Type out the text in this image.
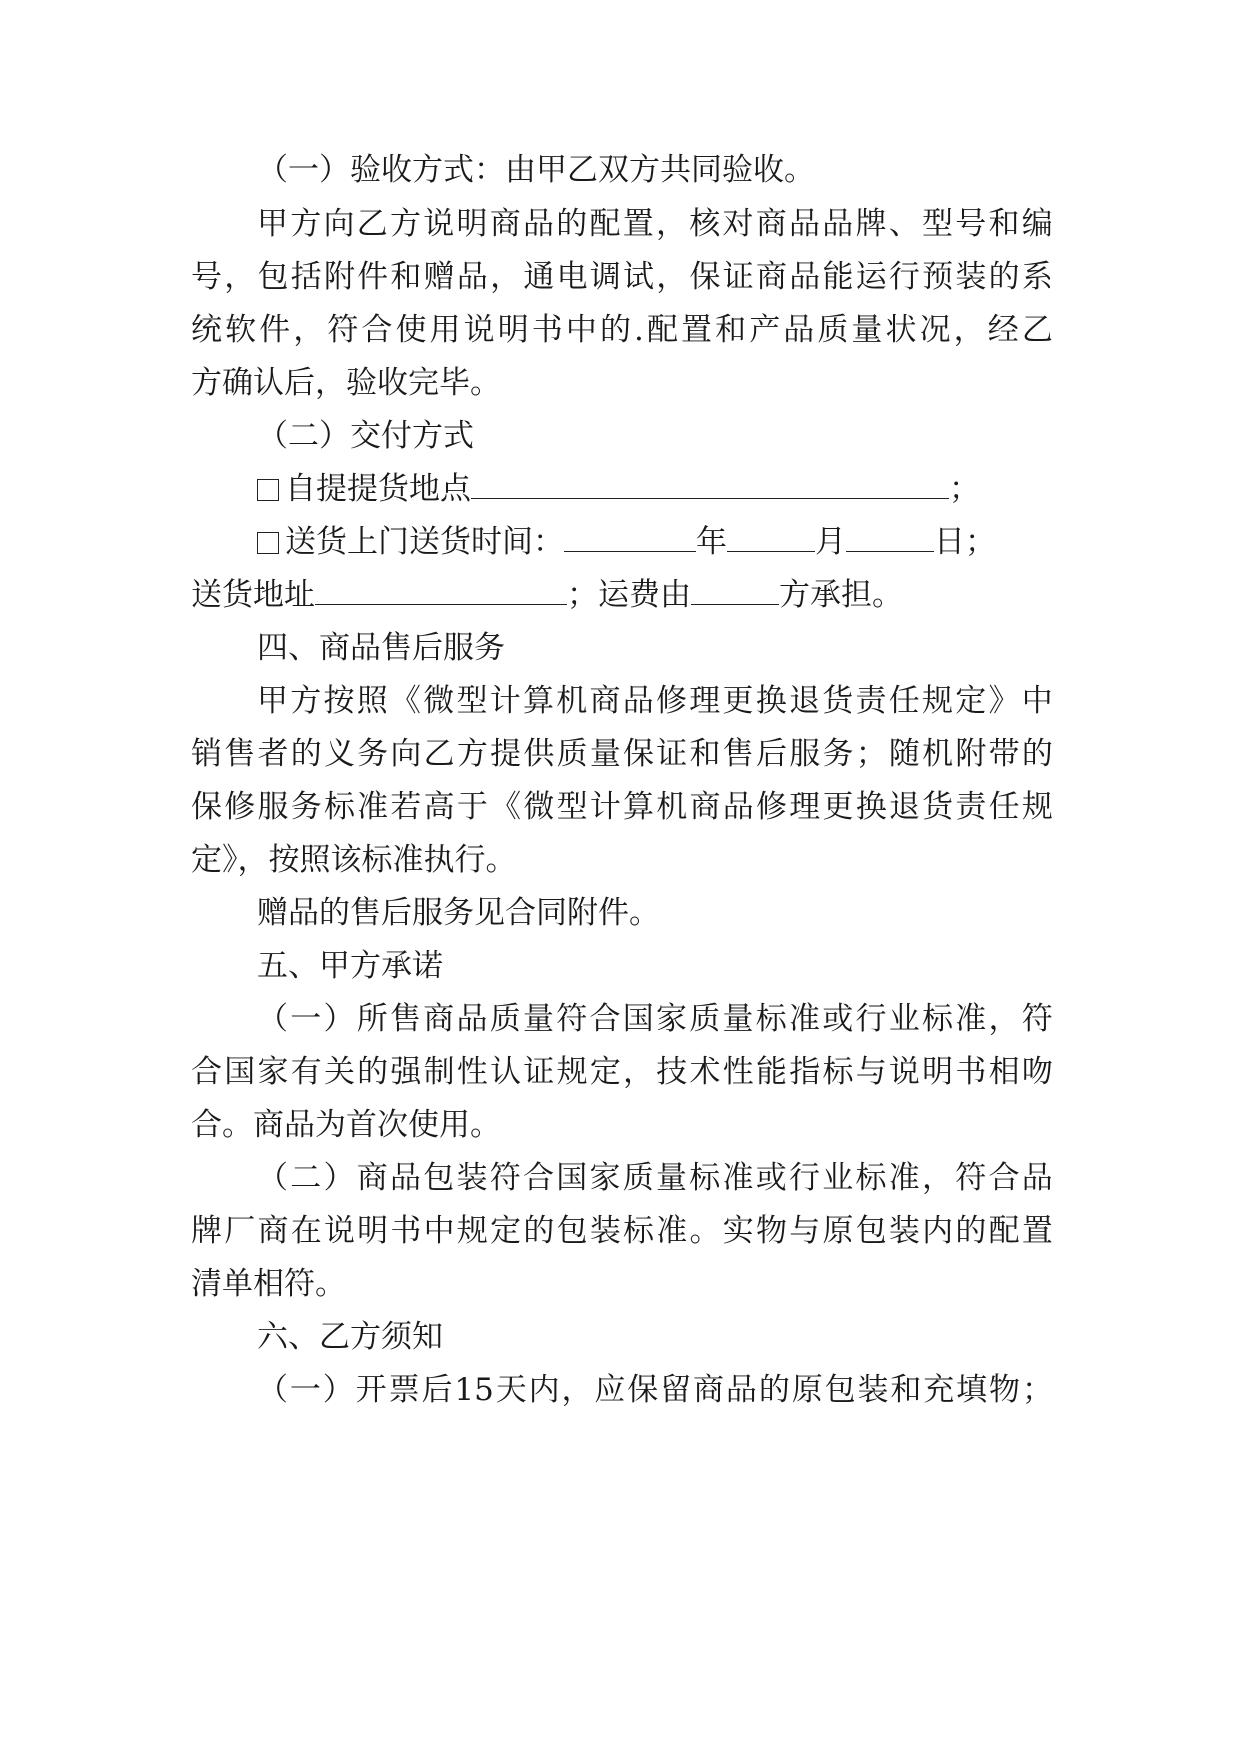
（一）验收方式：由甲乙双方共同验收。
甲 方 向 乙 方 说 明 商 品 的 配 置 ， 核 对 商 品 品 牌 、 型 号 和 编
号 ， 包 括 附 件 和 赠 品 ， 通 电 调 试 ， 保 证 商 品 能 运 行 预 装 的 系
统 软 件 ， 符 合 使 用 说 明 书 中 的 . 配 置 和 产 品 质 量 状 况 ， 经 乙
方确认后，验收完毕。
（二）交付方式
自提提货地点	；
送货上门送货时间：	年	月	日；
送货地址	；运费由	方承担。
四、商品售后服务
甲 方 按 照 《 微 型 计 算 机 商 品 修 理 更 换 退 货 责 任 规 定 》 中
销 售 者 的 义 务 向 乙 方 提 供 质 量 保 证 和 售 后 服 务 ； 随 机 附 带 的
保 修 服 务 标 准 若 高 于 《 微 型 计 算 机 商 品 修 理 更 换 退 货 责 任 规
定》，按照该标准执行。
赠品的售后服务见合同附件。
五、甲方承诺
（ 一 ） 所 售 商 品 质 量 符 合 国 家 质 量 标 准 或 行 业 标 准 ， 符
合 国 家 有 关 的 强 制 性 认 证 规 定 ， 技 术 性 能 指 标 与 说 明 书 相 吻
合。商品为首次使用。
（ 二 ） 商 品 包 装 符 合 国 家 质 量 标 准 或 行 业 标 准 ， 符 合 品
牌 厂 商 在 说 明 书 中 规 定 的 包 装 标 准 。 实 物 与 原 包 装 内 的 配 置
清单相符。
六、乙方须知
（ 一 ） 开 票 后 15 天 内 ， 应 保 留 商 品 的 原 包 装 和 充 填 物 ；
